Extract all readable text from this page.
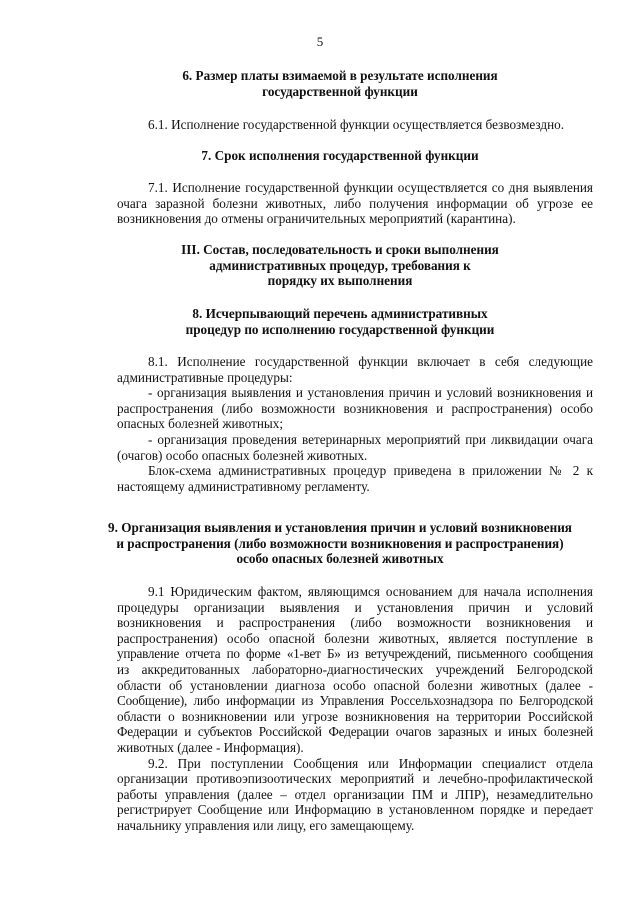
5
6. Размер платы взимаемой в результате исполнения
государственной функции
6.1. Исполнение государственной функции осуществляется безвозмездно.
7. Срок исполнения государственной функции
7.1. Исполнение государственной функции осуществляется со дня выявления
очага заразной болезни животных, либо получения информации об угрозе ее
возникновения до отмены ограничительных мероприятий (карантина).
III. Состав, последовательность и сроки выполнения
административных процедур, требования к
порядку их выполнения
8. Исчерпывающий перечень административных
процедур по исполнению государственной функции
8.1. Исполнение государственной функции включает в себя следующие
административные процедуры:
- организация выявления и установления причин и условий возникновения и
распространения (либо возможности возникновения и распространения) особо
опасных болезней животных;
- организация проведения ветеринарных мероприятий при ликвидации очага
(очагов) особо опасных болезней животных.
Блок-схема административных процедур приведена в приложении № 2 к
настоящему административному регламенту.
9. Организация выявления и установления причин и условий возникновения
и распространения (либо возможности возникновения и распространения)
особо опасных болезней животных
9.1 Юридическим фактом, являющимся основанием для начала исполнения
процедуры организации выявления и установления причин и условий
возникновения и распространения (либо возможности возникновения и
распространения) особо опасной болезни животных, является поступление в
управление отчета по форме «1-вет Б» из ветучреждений, письменного сообщения
из аккредитованных лабораторно-диагностических учреждений Белгородской
области об установлении диагноза особо опасной болезни животных (далее -
Сообщение), либо информации из Управления Россельхознадзора по Белгородской
области о возникновении или угрозе возникновения на территории Российской
Федерации и субъектов Российской Федерации очагов заразных и иных болезней
животных (далее - Информация).
9.2. При поступлении Сообщения или Информации специалист отдела
организации противоэпизоотических мероприятий и лечебно-профилактической
работы управления (далее – отдел организации ПМ и ЛПР), незамедлительно
регистрирует Сообщение или Информацию в установленном порядке и передает
начальнику управления или лицу, его замещающему.
